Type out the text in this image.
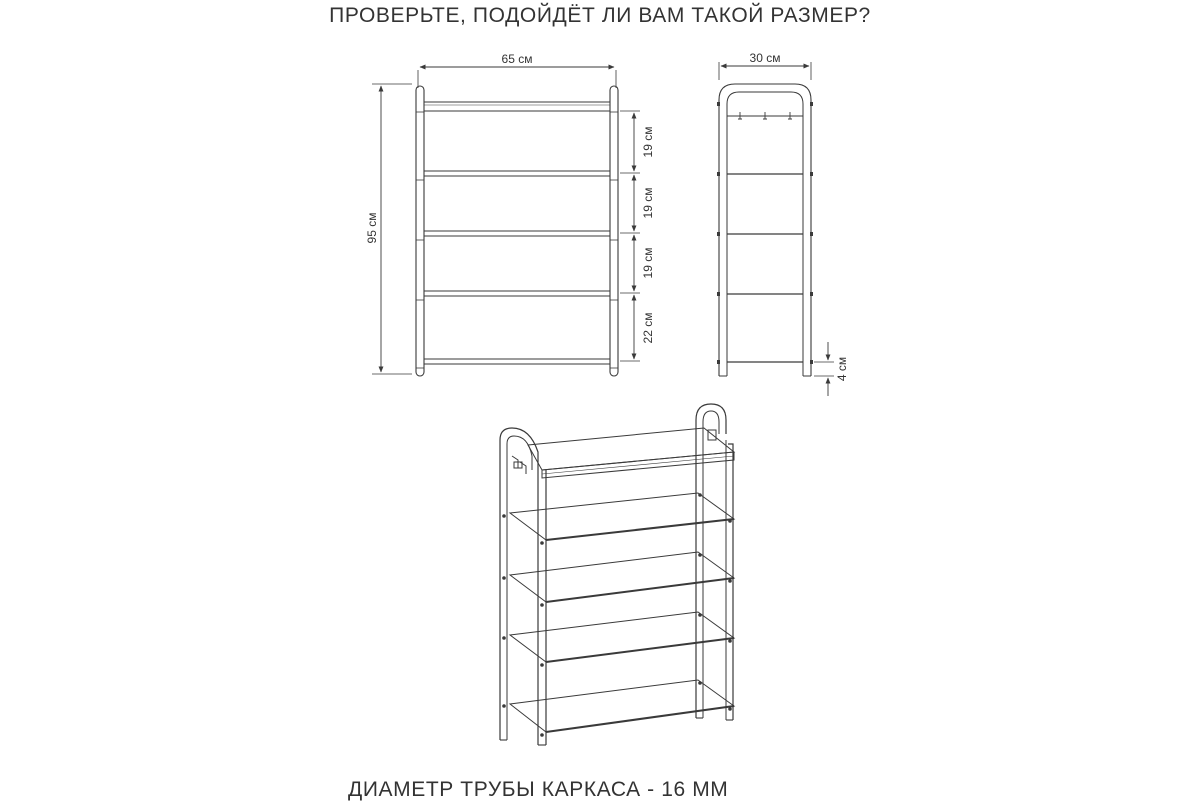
ПРОВЕРЬТЕ, ПОДОЙДЁТ ЛИ ВАМ ТАКОЙ РАЗМЕР?
65 см
95 см
19 см
19 см
19 см
22 см
30 см
4 см
ДИАМЕТР ТРУБЫ КАРКАСА - 16 ММ
